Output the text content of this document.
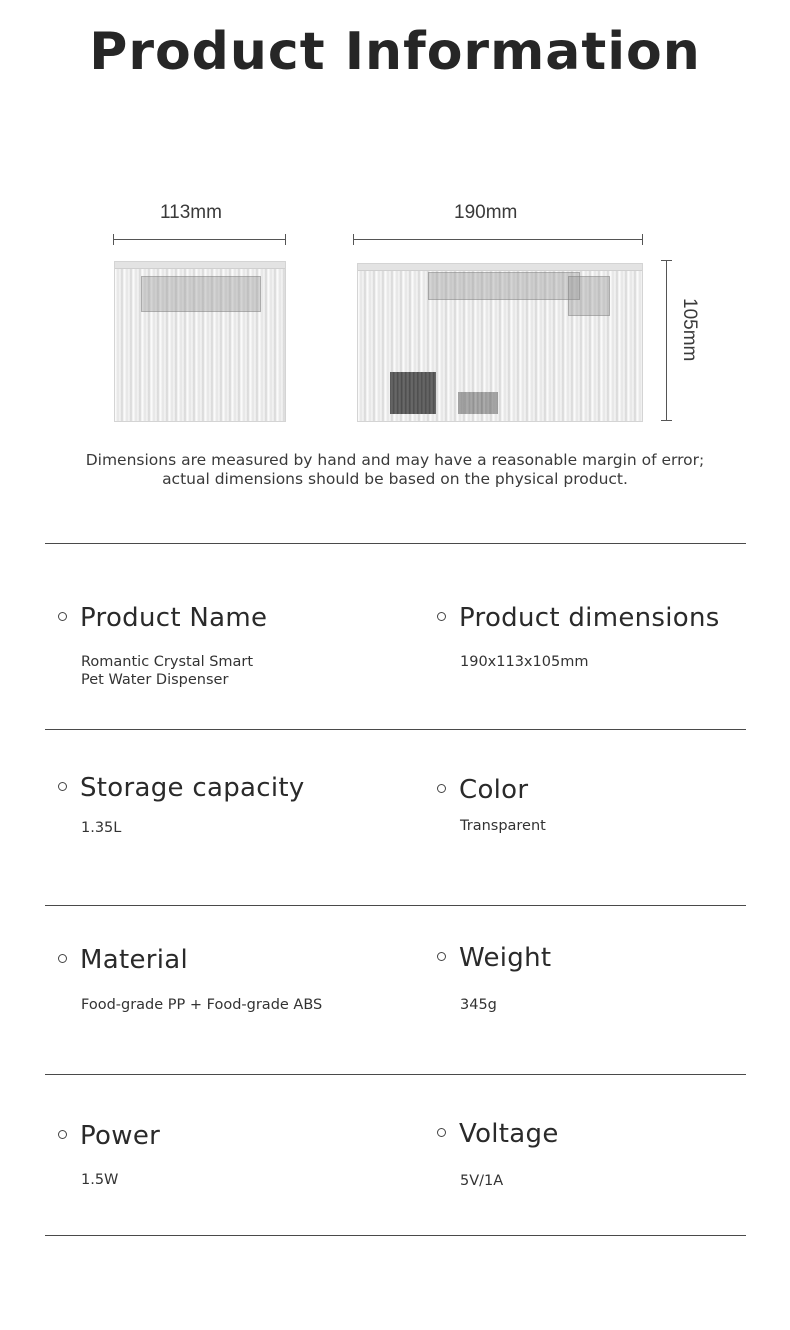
Product Information
113mm	190mm
105mm
Dimensions are measured by hand and may have a reasonable margin of error;
actual dimensions should be based on the physical product.
Product Name
Romantic Crystal Smart
Pet Water Dispenser
Product dimensions
190x113x105mm
Storage capacity
1.35L
Color
Transparent
Material
Food-grade PP + Food-grade ABS
Weight
345g
Power
1.5W
Voltage
5V/1A
